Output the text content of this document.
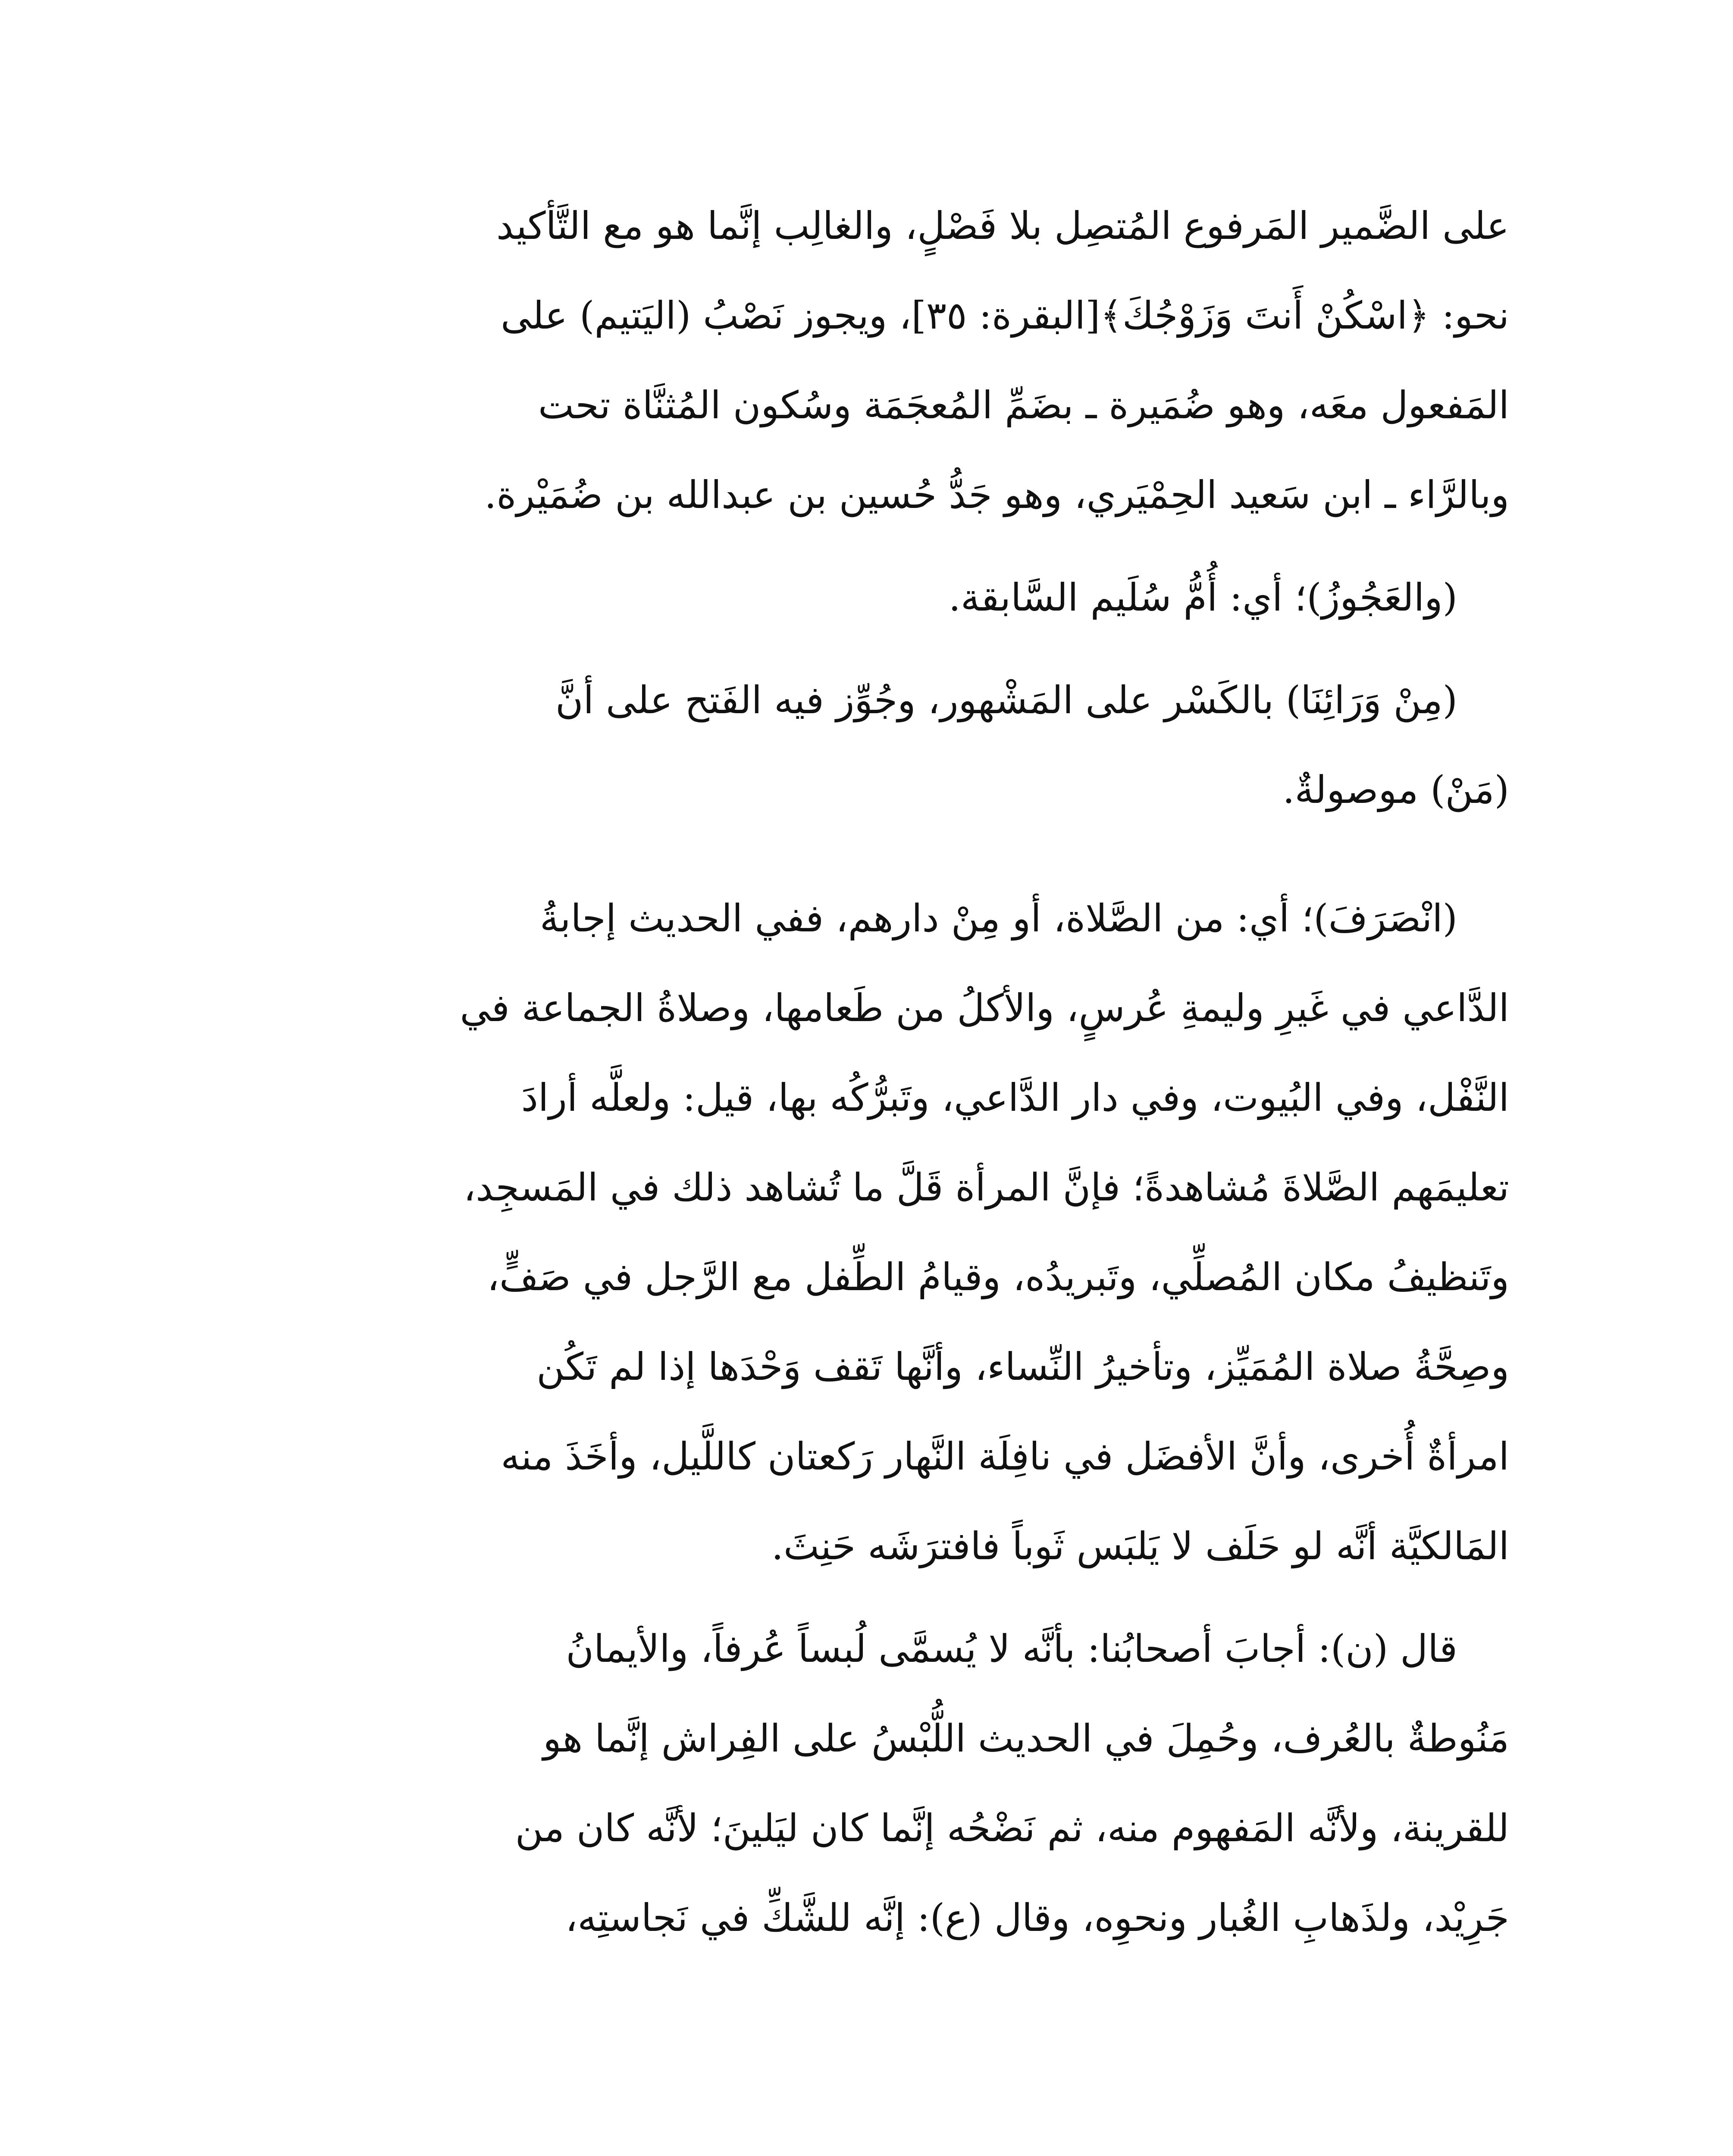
على الضَّمير المَرفوع المُتصِل بلا فَصْلٍ، والغالِب إنَّما هو مع التَّأكيد
نحو: ﴿اسْكُنْ أَنتَ وَزَوْجُكَ﴾[البقرة: ٣٥]، ويجوز نَصْبُ (اليَتيم) على
المَفعول معَه، وهو ضُمَيرة ـ بضَمِّ المُعجَمَة وسُكون المُثنَّاة تحت
وبالرَّاء ـ ابن سَعيد الحِمْيَري، وهو جَدُّ حُسين بن عبدالله بن ضُمَيْرة.

(والعَجُوزُ)؛ أي: أُمُّ سُلَيم السَّابقة.

(مِنْ وَرَائِنَا) بالكَسْر على المَشْهور، وجُوِّز فيه الفَتح على أنَّ
(مَنْ) موصولةٌ.

(انْصَرَفَ)؛ أي: من الصَّلاة، أو مِنْ دارهم، ففي الحديث إجابةُ
الدَّاعي في غَيرِ وليمةِ عُرسٍ، والأكلُ من طَعامها، وصلاةُ الجماعة في
النَّفْل، وفي البُيوت، وفي دار الدَّاعي، وتَبرُّكُه بها، قيل: ولعلَّه أرادَ
تعليمَهم الصَّلاةَ مُشاهدةً؛ فإنَّ المرأة قَلَّ ما تُشاهد ذلك في المَسجِد،
وتَنظيفُ مكان المُصلِّي، وتَبريدُه، وقيامُ الطِّفل مع الرَّجل في صَفٍّ،
وصِحَّةُ صلاة المُمَيِّز، وتأخيرُ النِّساء، وأنَّها تَقف وَحْدَها إذا لم تَكُن
امرأةٌ أُخرى، وأنَّ الأفضَل في نافِلَة النَّهار رَكعتان كاللَّيل، وأخَذَ منه
المَالكيَّة أنَّه لو حَلَف لا يَلبَس ثَوباً فافترَشَه حَنِثَ.

قال (ن): أجابَ أصحابُنا: بأنَّه لا يُسمَّى لُبساً عُرفاً، والأيمانُ
مَنُوطةٌ بالعُرف، وحُمِلَ في الحديث اللُّبْسُ على الفِراش إنَّما هو
للقرينة، ولأنَّه المَفهوم منه، ثم نَضْحُه إنَّما كان ليَلينَ؛ لأنَّه كان من
جَرِيْد، ولذَهابِ الغُبار ونحوِه، وقال (ع): إنَّه للشَّكِّ في نَجاستِه،
